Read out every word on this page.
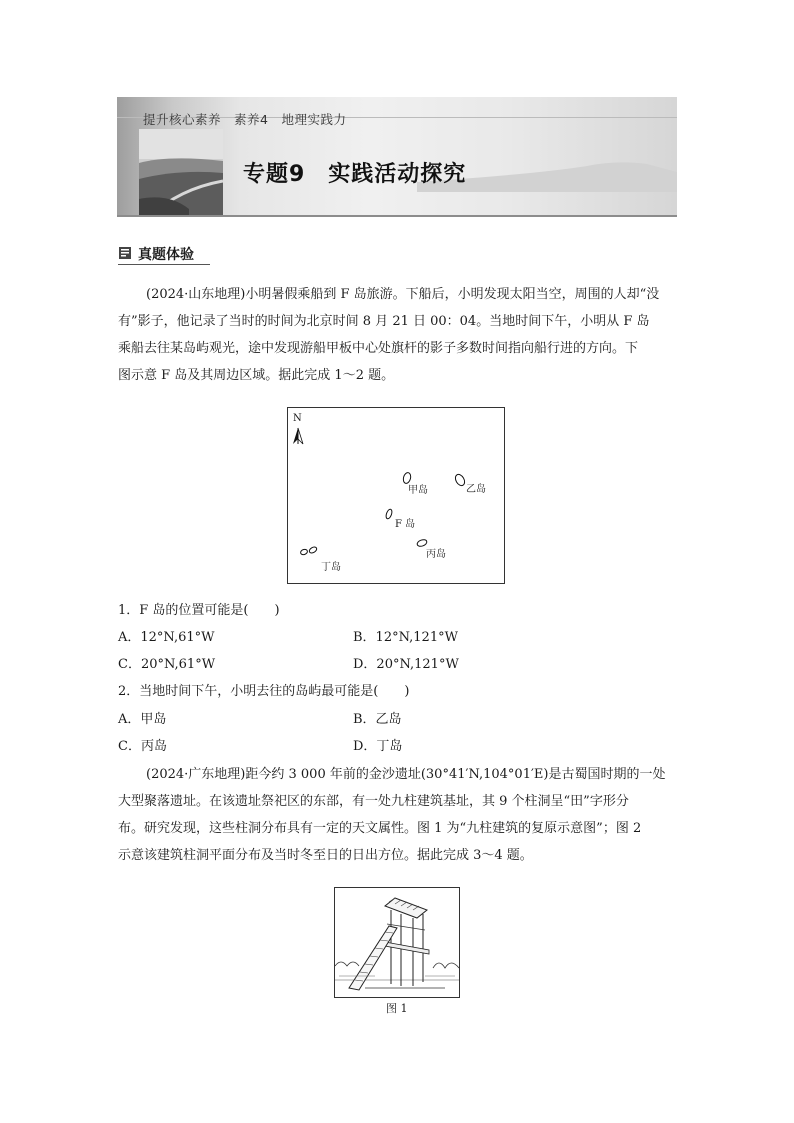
提升核心素养　素养4　地理实践力
专题9　实践活动探究
真题体验
(2024·山东地理)小明暑假乘船到 F 岛旅游。下船后，小明发现太阳当空，周围的人却“没
有”影子，他记录了当时的时间为北京时间 8 月 21 日 00：04。当地时间下午，小明从 F 岛
乘船去往某岛屿观光，途中发现游船甲板中心处旗杆的影子多数时间指向船行进的方向。下
图示意 F 岛及其周边区域。据此完成 1～2 题。
N
甲岛	乙岛
F 岛
丙岛
丁岛
1．F 岛的位置可能是(　　)
A．12°N,61°W	B．12°N,121°W
C．20°N,61°W	D．20°N,121°W
2．当地时间下午，小明去往的岛屿最可能是(　　)
A．甲岛	B．乙岛
C．丙岛	D．丁岛
(2024·广东地理)距今约 3 000 年前的金沙遗址(30°41′N,104°01′E)是古蜀国时期的一处
大型聚落遗址。在该遗址祭祀区的东部，有一处九柱建筑基址，其 9 个柱洞呈“田”字形分
布。研究发现，这些柱洞分布具有一定的天文属性。图 1 为“九柱建筑的复原示意图”；图 2
示意该建筑柱洞平面分布及当时冬至日的日出方位。据此完成 3～4 题。
图 1
